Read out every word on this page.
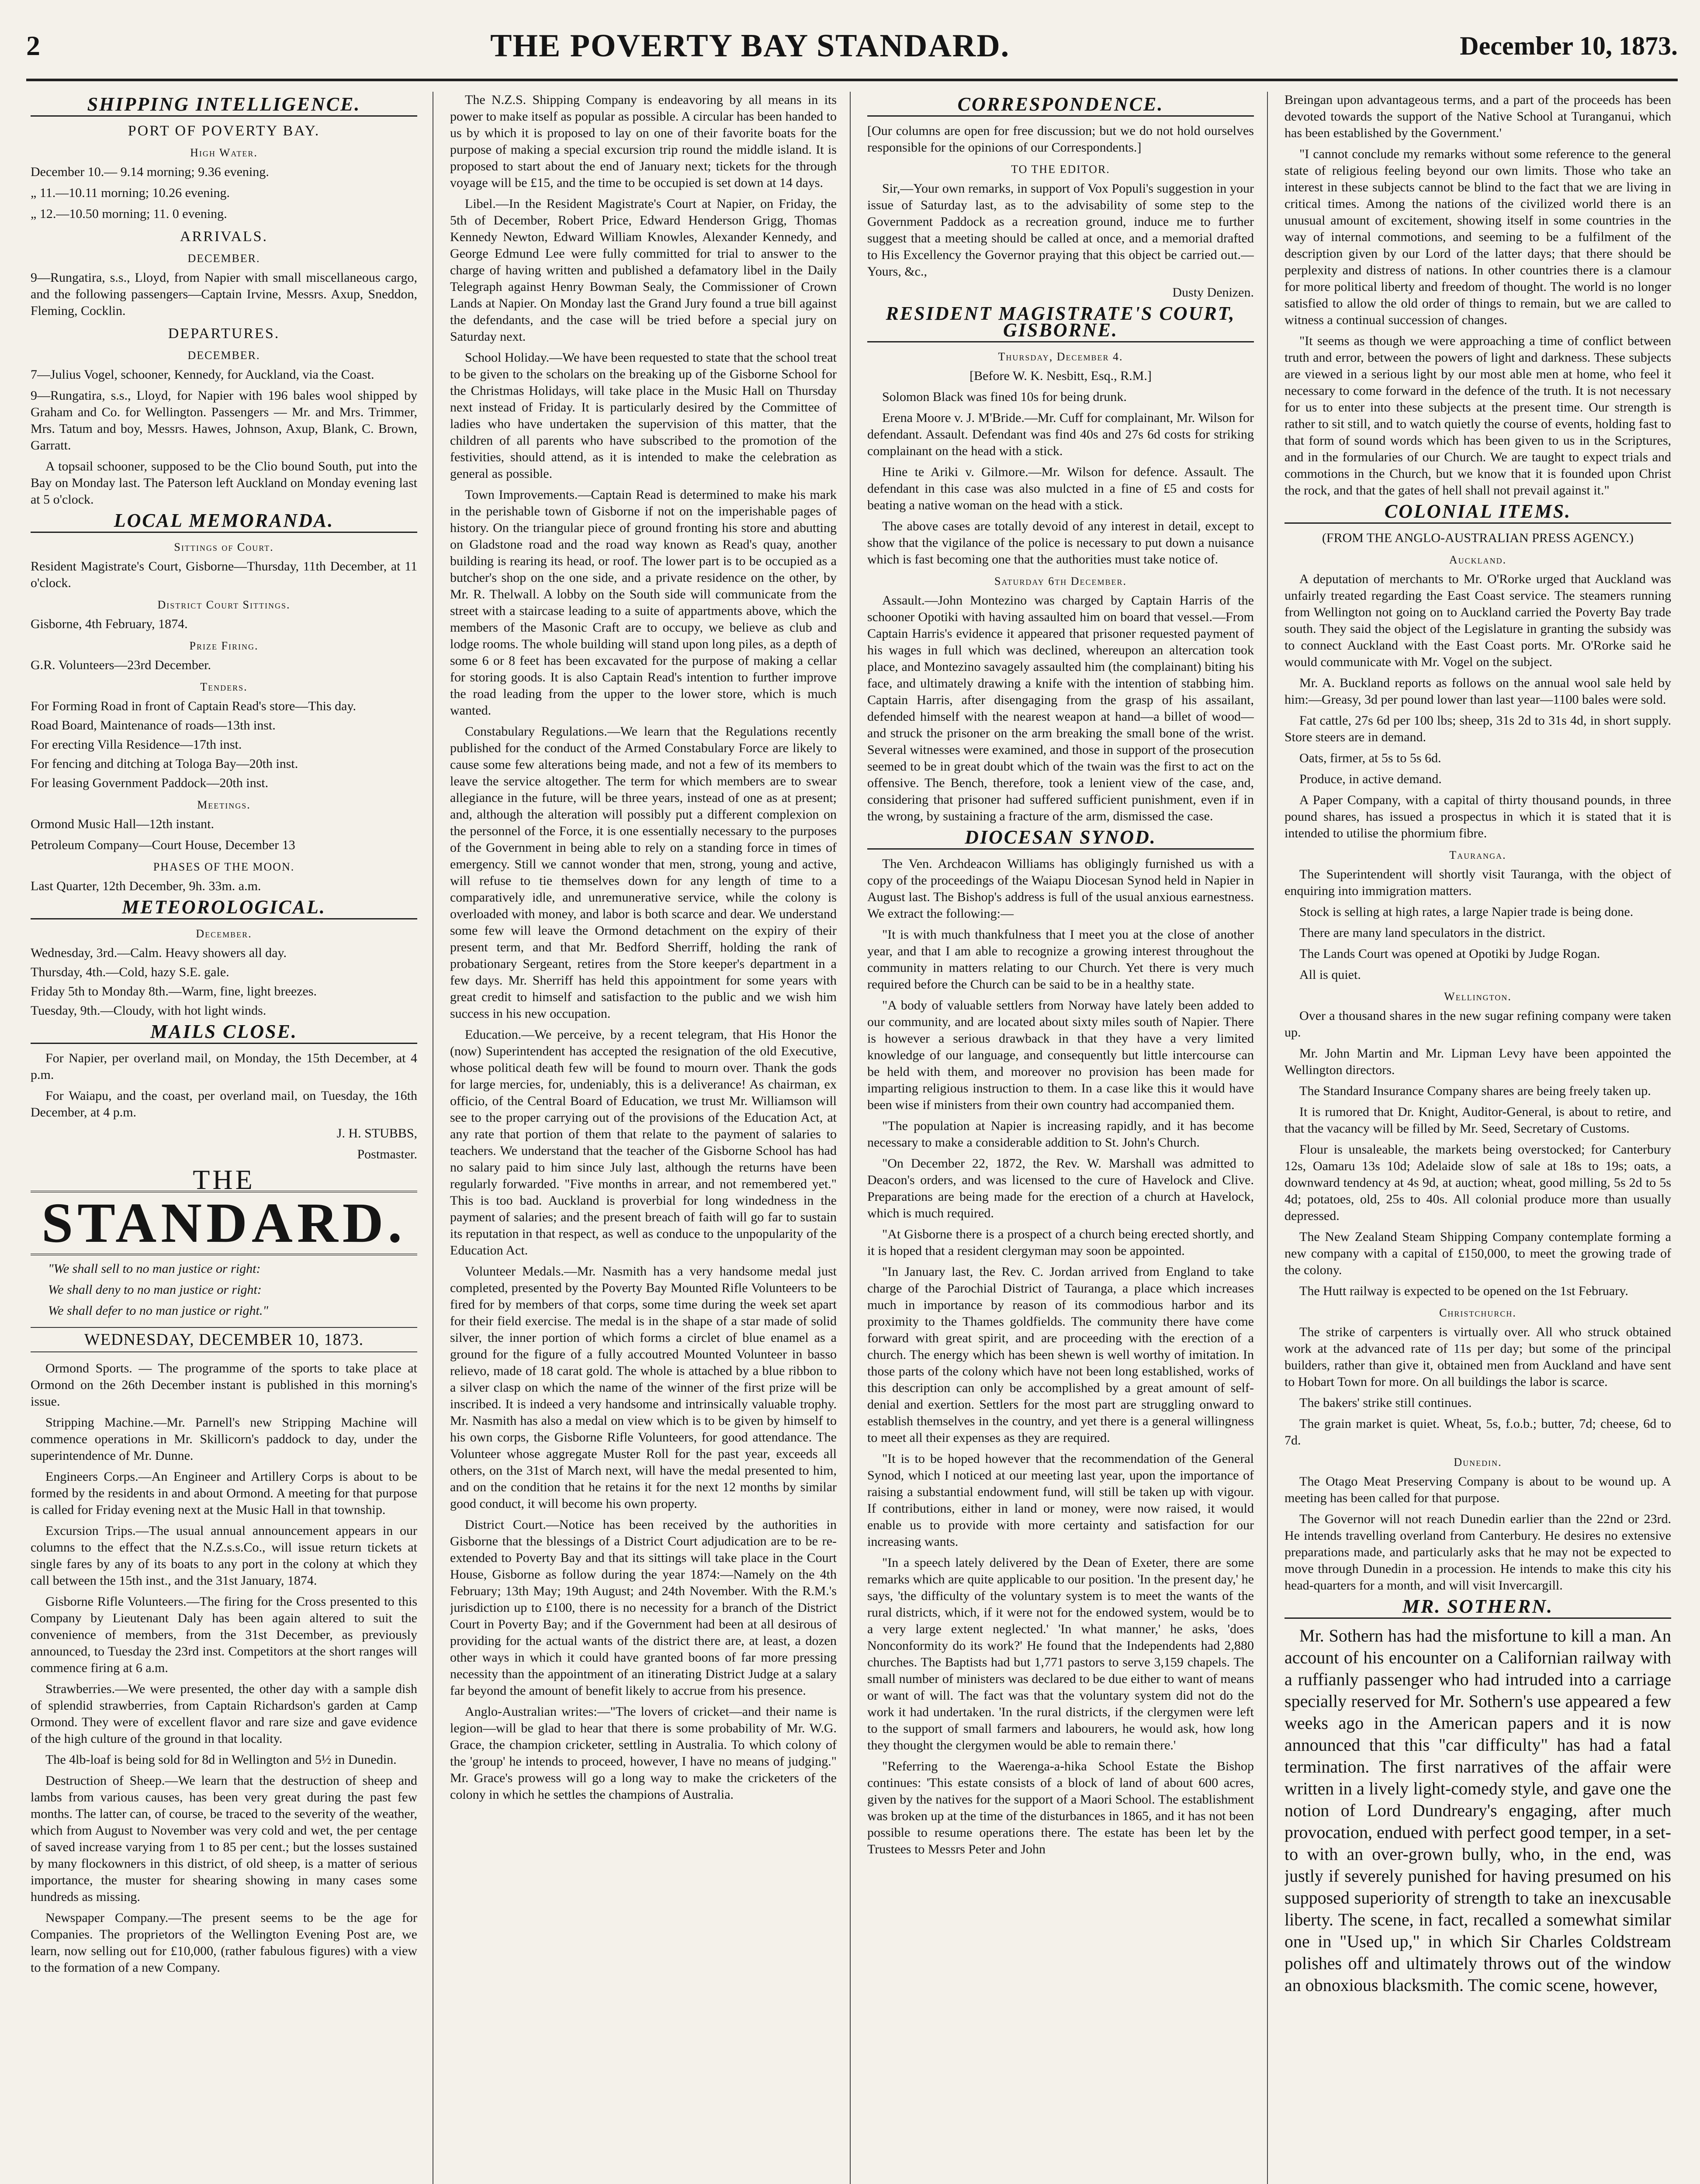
2	THE POVERTY BAY STANDARD.	December 10, 1873.
SHIPPING INTELLIGENCE.
PORT OF POVERTY BAY.
High Water.

December 10.— 9.14 morning; 9.36 evening.

„ 11.—10.11 morning; 10.26 evening.

„ 12.—10.50 morning; 11. 0 evening.

ARRIVALS.
DECEMBER.

9—Rungatira, s.s., Lloyd, from Napier with small miscellaneous cargo, and the following passengers—Captain Irvine, Messrs. Axup, Sneddon, Fleming, Cocklin.

DEPARTURES.
DECEMBER.

7—Julius Vogel, schooner, Kennedy, for Auckland, via the Coast.

9—Rungatira, s.s., Lloyd, for Napier with 196 bales wool shipped by Graham and Co. for Wellington. Passengers — Mr. and Mrs. Trimmer, Mrs. Tatum and boy, Messrs. Hawes, Johnson, Axup, Blank, C. Brown, Garratt.

A topsail schooner, supposed to be the Clio bound South, put into the Bay on Monday last. The Paterson left Auckland on Monday evening last at 5 o'clock.

LOCAL MEMORANDA.
Sittings of Court.

Resident Magistrate's Court, Gisborne—Thursday, 11th December, at 11 o'clock.

District Court Sittings.

Gisborne, 4th February, 1874.

Prize Firing.

G.R. Volunteers—23rd December.

Tenders.

For Forming Road in front of Captain Read's store—This day.

Road Board, Maintenance of roads—13th inst.

For erecting Villa Residence—17th inst.

For fencing and ditching at Tologa Bay—20th inst.

For leasing Government Paddock—20th inst.

Meetings.

Ormond Music Hall—12th instant.

Petroleum Company—Court House, December 13

PHASES OF THE MOON.

Last Quarter, 12th December, 9h. 33m. a.m.

METEOROLOGICAL.
December.

Wednesday, 3rd.—Calm. Heavy showers all day.

Thursday, 4th.—Cold, hazy S.E. gale.

Friday 5th to Monday 8th.—Warm, fine, light breezes.

Tuesday, 9th.—Cloudy, with hot light winds.

MAILS CLOSE.

For Napier, per overland mail, on Monday, the 15th December, at 4 p.m.

For Waiapu, and the coast, per overland mail, on Tuesday, the 16th December, at 4 p.m.

J. H. STUBBS,

Postmaster.

THE
STANDARD.

"We shall sell to no man justice or right:

We shall deny to no man justice or right:

We shall defer to no man justice or right."

WEDNESDAY, DECEMBER 10, 1873.

Ormond Sports. — The programme of the sports to take place at Ormond on the 26th December instant is published in this morning's issue.

Stripping Machine.—Mr. Parnell's new Stripping Machine will commence operations in Mr. Skillicorn's paddock to day, under the superintendence of Mr. Dunne.

Engineers Corps.—An Engineer and Artillery Corps is about to be formed by the residents in and about Ormond. A meeting for that purpose is called for Friday evening next at the Music Hall in that township.

Excursion Trips.—The usual annual announcement appears in our columns to the effect that the N.Z.s.s.Co., will issue return tickets at single fares by any of its boats to any port in the colony at which they call between the 15th inst., and the 31st January, 1874.

Gisborne Rifle Volunteers.—The firing for the Cross presented to this Company by Lieutenant Daly has been again altered to suit the convenience of members, from the 31st December, as previously announced, to Tuesday the 23rd inst. Competitors at the short ranges will commence firing at 6 a.m.

Strawberries.—We were presented, the other day with a sample dish of splendid strawberries, from Captain Richardson's garden at Camp Ormond. They were of excellent flavor and rare size and gave evidence of the high culture of the ground in that locality.

The 4lb-loaf is being sold for 8d in Wellington and 5½ in Dunedin.

Destruction of Sheep.—We learn that the destruction of sheep and lambs from various causes, has been very great during the past few months. The latter can, of course, be traced to the severity of the weather, which from August to November was very cold and wet, the per centage of saved increase varying from 1 to 85 per cent.; but the losses sustained by many flockowners in this district, of old sheep, is a matter of serious importance, the muster for shearing showing in many cases some hundreds as missing.

Newspaper Company.—The present seems to be the age for Companies. The proprietors of the Wellington Evening Post are, we learn, now selling out for £10,000, (rather fabulous figures) with a view to the formation of a new Company.

The N.Z.S. Shipping Company is endeavoring by all means in its power to make itself as popular as possible. A circular has been handed to us by which it is proposed to lay on one of their favorite boats for the purpose of making a special excursion trip round the middle island. It is proposed to start about the end of January next; tickets for the through voyage will be £15, and the time to be occupied is set down at 14 days.

Libel.—In the Resident Magistrate's Court at Napier, on Friday, the 5th of December, Robert Price, Edward Henderson Grigg, Thomas Kennedy Newton, Edward William Knowles, Alexander Kennedy, and George Edmund Lee were fully committed for trial to answer to the charge of having written and published a defamatory libel in the Daily Telegraph against Henry Bowman Sealy, the Commissioner of Crown Lands at Napier. On Monday last the Grand Jury found a true bill against the defendants, and the case will be tried before a special jury on Saturday next.

School Holiday.—We have been requested to state that the school treat to be given to the scholars on the breaking up of the Gisborne School for the Christmas Holidays, will take place in the Music Hall on Thursday next instead of Friday. It is particularly desired by the Committee of ladies who have undertaken the supervision of this matter, that the children of all parents who have subscribed to the promotion of the festivities, should attend, as it is intended to make the celebration as general as possible.

Town Improvements.—Captain Read is determined to make his mark in the perishable town of Gisborne if not on the imperishable pages of history. On the triangular piece of ground fronting his store and abutting on Gladstone road and the road way known as Read's quay, another building is rearing its head, or roof. The lower part is to be occupied as a butcher's shop on the one side, and a private residence on the other, by Mr. R. Thelwall. A lobby on the South side will communicate from the street with a staircase leading to a suite of appartments above, which the members of the Masonic Craft are to occupy, we believe as club and lodge rooms. The whole building will stand upon long piles, as a depth of some 6 or 8 feet has been excavated for the purpose of making a cellar for storing goods. It is also Captain Read's intention to further improve the road leading from the upper to the lower store, which is much wanted.

Constabulary Regulations.—We learn that the Regulations recently published for the conduct of the Armed Constabulary Force are likely to cause some few alterations being made, and not a few of its members to leave the service altogether. The term for which members are to swear allegiance in the future, will be three years, instead of one as at present; and, although the alteration will possibly put a different complexion on the personnel of the Force, it is one essentially necessary to the purposes of the Government in being able to rely on a standing force in times of emergency. Still we cannot wonder that men, strong, young and active, will refuse to tie themselves down for any length of time to a comparatively idle, and unremunerative service, while the colony is overloaded with money, and labor is both scarce and dear. We understand some few will leave the Ormond detachment on the expiry of their present term, and that Mr. Bedford Sherriff, holding the rank of probationary Sergeant, retires from the Store keeper's department in a few days. Mr. Sherriff has held this appointment for some years with great credit to himself and satisfaction to the public and we wish him success in his new occupation.

Education.—We perceive, by a recent telegram, that His Honor the (now) Superintendent has accepted the resignation of the old Executive, whose political death few will be found to mourn over. Thank the gods for large mercies, for, undeniably, this is a deliverance! As chairman, ex officio, of the Central Board of Education, we trust Mr. Williamson will see to the proper carrying out of the provisions of the Education Act, at any rate that portion of them that relate to the payment of salaries to teachers. We understand that the teacher of the Gisborne School has had no salary paid to him since July last, although the returns have been regularly forwarded. "Five months in arrear, and not remembered yet." This is too bad. Auckland is proverbial for long windedness in the payment of salaries; and the present breach of faith will go far to sustain its reputation in that respect, as well as conduce to the unpopularity of the Education Act.

Volunteer Medals.—Mr. Nasmith has a very handsome medal just completed, presented by the Poverty Bay Mounted Rifle Volunteers to be fired for by members of that corps, some time during the week set apart for their field exercise. The medal is in the shape of a star made of solid silver, the inner portion of which forms a circlet of blue enamel as a ground for the figure of a fully accoutred Mounted Volunteer in basso relievo, made of 18 carat gold. The whole is attached by a blue ribbon to a silver clasp on which the name of the winner of the first prize will be inscribed. It is indeed a very handsome and intrinsically valuable trophy. Mr. Nasmith has also a medal on view which is to be given by himself to his own corps, the Gisborne Rifle Volunteers, for good attendance. The Volunteer whose aggregate Muster Roll for the past year, exceeds all others, on the 31st of March next, will have the medal presented to him, and on the condition that he retains it for the next 12 months by similar good conduct, it will become his own property.

District Court.—Notice has been received by the authorities in Gisborne that the blessings of a District Court adjudication are to be re-extended to Poverty Bay and that its sittings will take place in the Court House, Gisborne as follow during the year 1874:—Namely on the 4th February; 13th May; 19th August; and 24th November. With the R.M.'s jurisdiction up to £100, there is no necessity for a branch of the District Court in Poverty Bay; and if the Government had been at all desirous of providing for the actual wants of the district there are, at least, a dozen other ways in which it could have granted boons of far more pressing necessity than the appointment of an itinerating District Judge at a salary far beyond the amount of benefit likely to accrue from his presence.

Anglo-Australian writes:—"The lovers of cricket—and their name is legion—will be glad to hear that there is some probability of Mr. W.G. Grace, the champion cricketer, settling in Australia. To which colony of the 'group' he intends to proceed, however, I have no means of judging." Mr. Grace's prowess will go a long way to make the cricketers of the colony in which he settles the champions of Australia.

CORRESPONDENCE.

[Our columns are open for free discussion; but we do not hold ourselves responsible for the opinions of our Correspondents.]

TO THE EDITOR.

Sir,—Your own remarks, in support of Vox Populi's suggestion in your issue of Saturday last, as to the advisability of some step to the Government Paddock as a recreation ground, induce me to further suggest that a meeting should be called at once, and a memorial drafted to His Excellency the Governor praying that this object be carried out.—Yours, &c.,

Dusty Denizen.

RESIDENT MAGISTRATE'S COURT, GISBORNE.
Thursday, December 4.

[Before W. K. Nesbitt, Esq., R.M.]

Solomon Black was fined 10s for being drunk.

Erena Moore v. J. M'Bride.—Mr. Cuff for complainant, Mr. Wilson for defendant. Assault. Defendant was find 40s and 27s 6d costs for striking complainant on the head with a stick.

Hine te Ariki v. Gilmore.—Mr. Wilson for defence. Assault. The defendant in this case was also mulcted in a fine of £5 and costs for beating a native woman on the head with a stick.

The above cases are totally devoid of any interest in detail, except to show that the vigilance of the police is necessary to put down a nuisance which is fast becoming one that the authorities must take notice of.

Saturday 6th December.

Assault.—John Montezino was charged by Captain Harris of the schooner Opotiki with having assaulted him on board that vessel.—From Captain Harris's evidence it appeared that prisoner requested payment of his wages in full which was declined, whereupon an altercation took place, and Montezino savagely assaulted him (the complainant) biting his face, and ultimately drawing a knife with the intention of stabbing him. Captain Harris, after disengaging from the grasp of his assailant, defended himself with the nearest weapon at hand—a billet of wood—and struck the prisoner on the arm breaking the small bone of the wrist. Several witnesses were examined, and those in support of the prosecution seemed to be in great doubt which of the twain was the first to act on the offensive. The Bench, therefore, took a lenient view of the case, and, considering that prisoner had suffered sufficient punishment, even if in the wrong, by sustaining a fracture of the arm, dismissed the case.

DIOCESAN SYNOD.

The Ven. Archdeacon Williams has obligingly furnished us with a copy of the proceedings of the Waiapu Diocesan Synod held in Napier in August last. The Bishop's address is full of the usual anxious earnestness. We extract the following:—

"It is with much thankfulness that I meet you at the close of another year, and that I am able to recognize a growing interest throughout the community in matters relating to our Church. Yet there is very much required before the Church can be said to be in a healthy state.

"A body of valuable settlers from Norway have lately been added to our community, and are located about sixty miles south of Napier. There is however a serious drawback in that they have a very limited knowledge of our language, and consequently but little intercourse can be held with them, and moreover no provision has been made for imparting religious instruction to them. In a case like this it would have been wise if ministers from their own country had accompanied them.

"The population at Napier is increasing rapidly, and it has become necessary to make a considerable addition to St. John's Church.

"On December 22, 1872, the Rev. W. Marshall was admitted to Deacon's orders, and was licensed to the cure of Havelock and Clive. Preparations are being made for the erection of a church at Havelock, which is much required.

"At Gisborne there is a prospect of a church being erected shortly, and it is hoped that a resident clergyman may soon be appointed.

"In January last, the Rev. C. Jordan arrived from England to take charge of the Parochial District of Tauranga, a place which increases much in importance by reason of its commodious harbor and its proximity to the Thames goldfields. The community there have come forward with great spirit, and are proceeding with the erection of a church. The energy which has been shewn is well worthy of imitation. In those parts of the colony which have not been long established, works of this description can only be accomplished by a great amount of self-denial and exertion. Settlers for the most part are struggling onward to establish themselves in the country, and yet there is a general willingness to meet all their expenses as they are required.

"It is to be hoped however that the recommendation of the General Synod, which I noticed at our meeting last year, upon the importance of raising a substantial endowment fund, will still be taken up with vigour. If contributions, either in land or money, were now raised, it would enable us to provide with more certainty and satisfaction for our increasing wants.

"In a speech lately delivered by the Dean of Exeter, there are some remarks which are quite applicable to our position. 'In the present day,' he says, 'the difficulty of the voluntary system is to meet the wants of the rural districts, which, if it were not for the endowed system, would be to a very large extent neglected.' 'In what manner,' he asks, 'does Nonconformity do its work?' He found that the Independents had 2,880 churches. The Baptists had but 1,771 pastors to serve 3,159 chapels. The small number of ministers was declared to be due either to want of means or want of will. The fact was that the voluntary system did not do the work it had undertaken. 'In the rural districts, if the clergymen were left to the support of small farmers and labourers, he would ask, how long they thought the clergymen would be able to remain there.'

"Referring to the Waerenga-a-hika School Estate the Bishop continues: 'This estate consists of a block of land of about 600 acres, given by the natives for the support of a Maori School. The establishment was broken up at the time of the disturbances in 1865, and it has not been possible to resume operations there. The estate has been let by the Trustees to Messrs Peter and John

Breingan upon advantageous terms, and a part of the proceeds has been devoted towards the support of the Native School at Turanganui, which has been established by the Government.'

"I cannot conclude my remarks without some reference to the general state of religious feeling beyond our own limits. Those who take an interest in these subjects cannot be blind to the fact that we are living in critical times. Among the nations of the civilized world there is an unusual amount of excitement, showing itself in some countries in the way of internal commotions, and seeming to be a fulfilment of the description given by our Lord of the latter days; that there should be perplexity and distress of nations. In other countries there is a clamour for more political liberty and freedom of thought. The world is no longer satisfied to allow the old order of things to remain, but we are called to witness a continual succession of changes.

"It seems as though we were approaching a time of conflict between truth and error, between the powers of light and darkness. These subjects are viewed in a serious light by our most able men at home, who feel it necessary to come forward in the defence of the truth. It is not necessary for us to enter into these subjects at the present time. Our strength is rather to sit still, and to watch quietly the course of events, holding fast to that form of sound words which has been given to us in the Scriptures, and in the formularies of our Church. We are taught to expect trials and commotions in the Church, but we know that it is founded upon Christ the rock, and that the gates of hell shall not prevail against it."

COLONIAL ITEMS.

(FROM THE ANGLO-AUSTRALIAN PRESS AGENCY.)

Auckland.

A deputation of merchants to Mr. O'Rorke urged that Auckland was unfairly treated regarding the East Coast service. The steamers running from Wellington not going on to Auckland carried the Poverty Bay trade south. They said the object of the Legislature in granting the subsidy was to connect Auckland with the East Coast ports. Mr. O'Rorke said he would communicate with Mr. Vogel on the subject.

Mr. A. Buckland reports as follows on the annual wool sale held by him:—Greasy, 3d per pound lower than last year—1100 bales were sold.

Fat cattle, 27s 6d per 100 lbs; sheep, 31s 2d to 31s 4d, in short supply. Store steers are in demand.

Oats, firmer, at 5s to 5s 6d.

Produce, in active demand.

A Paper Company, with a capital of thirty thousand pounds, in three pound shares, has issued a prospectus in which it is stated that it is intended to utilise the phormium fibre.

Tauranga.

The Superintendent will shortly visit Tauranga, with the object of enquiring into immigration matters.

Stock is selling at high rates, a large Napier trade is being done.

There are many land speculators in the district.

The Lands Court was opened at Opotiki by Judge Rogan.

All is quiet.

Wellington.

Over a thousand shares in the new sugar refining company were taken up.

Mr. John Martin and Mr. Lipman Levy have been appointed the Wellington directors.

The Standard Insurance Company shares are being freely taken up.

It is rumored that Dr. Knight, Auditor-General, is about to retire, and that the vacancy will be filled by Mr. Seed, Secretary of Customs.

Flour is unsaleable, the markets being overstocked; for Canterbury 12s, Oamaru 13s 10d; Adelaide slow of sale at 18s to 19s; oats, a downward tendency at 4s 9d, at auction; wheat, good milling, 5s 2d to 5s 4d; potatoes, old, 25s to 40s. All colonial produce more than usually depressed.

The New Zealand Steam Shipping Company contemplate forming a new company with a capital of £150,000, to meet the growing trade of the colony.

The Hutt railway is expected to be opened on the 1st February.

Christchurch.

The strike of carpenters is virtually over. All who struck obtained work at the advanced rate of 11s per day; but some of the principal builders, rather than give it, obtained men from Auckland and have sent to Hobart Town for more. On all buildings the labor is scarce.

The bakers' strike still continues.

The grain market is quiet. Wheat, 5s, f.o.b.; butter, 7d; cheese, 6d to 7d.

Dunedin.

The Otago Meat Preserving Company is about to be wound up. A meeting has been called for that purpose.

The Governor will not reach Dunedin earlier than the 22nd or 23rd. He intends travelling overland from Canterbury. He desires no extensive preparations made, and particularly asks that he may not be expected to move through Dunedin in a procession. He intends to make this city his head-quarters for a month, and will visit Invercargill.

MR. SOTHERN.

Mr. Sothern has had the misfortune to kill a man. An account of his encounter on a Californian railway with a ruffianly passenger who had intruded into a carriage specially reserved for Mr. Sothern's use appeared a few weeks ago in the American papers and it is now announced that this "car difficulty" has had a fatal termination. The first narratives of the affair were written in a lively light-comedy style, and gave one the notion of Lord Dundreary's engaging, after much provocation, endued with perfect good temper, in a set-to with an over-grown bully, who, in the end, was justly if severely punished for having presumed on his supposed superiority of strength to take an inexcusable liberty. The scene, in fact, recalled a somewhat similar one in "Used up," in which Sir Charles Coldstream polishes off and ultimately throws out of the window an obnoxious blacksmith. The comic scene, however,
